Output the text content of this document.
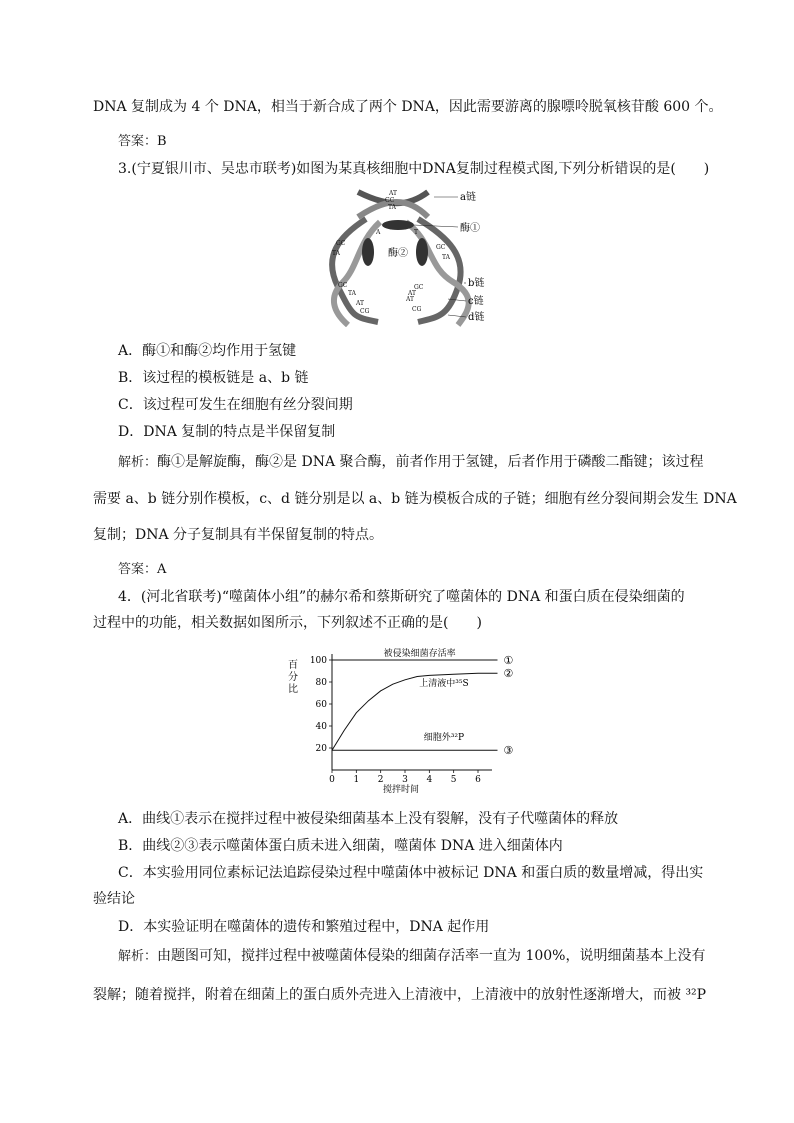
DNA 复制成为 4 个 DNA，相当于新合成了两个 DNA，因此需要游离的腺嘌呤脱氧核苷酸 600 个。
答案：B
3.(宁夏银川市、吴忠市联考)如图为某真核细胞中DNA复制过程模式图,下列分析错误的是(　　)
AT
GC
TA
A	T
GC
TA
GC
TA
GC
TA
AT
CG
GC
AT
AT
CG
酶②
a链
酶①
b链
c链
d链
A．酶①和酶②均作用于氢键
B．该过程的模板链是 a、b 链
C．该过程可发生在细胞有丝分裂间期
D．DNA 复制的特点是半保留复制
解析：酶①是解旋酶，酶②是 DNA 聚合酶，前者作用于氢键，后者作用于磷酸二酯键；该过程
需要 a、b 链分别作模板，c、d 链分别是以 a、b 链为模板合成的子链；细胞有丝分裂间期会发生 DNA
复制；DNA 分子复制具有半保留复制的特点。
答案：A
4．(河北省联考)“噬菌体小组”的赫尔希和蔡斯研究了噬菌体的 DNA 和蛋白质在侵染细菌的
过程中的功能，相关数据如图所示，下列叙述不正确的是(　　)
搅拌时间
百
分
比
0 1 2 3 4 5 6
20
40
60
80
100	①
②
③
被侵染细菌存活率
上清液中³⁵S
细胞外³²P
A．曲线①表示在搅拌过程中被侵染细菌基本上没有裂解，没有子代噬菌体的释放
B．曲线②③表示噬菌体蛋白质未进入细菌，噬菌体 DNA 进入细菌体内
C．本实验用同位素标记法追踪侵染过程中噬菌体中被标记 DNA 和蛋白质的数量增减，得出实
验结论
D．本实验证明在噬菌体的遗传和繁殖过程中，DNA 起作用
解析：由题图可知，搅拌过程中被噬菌体侵染的细菌存活率一直为 100%，说明细菌基本上没有
裂解；随着搅拌，附着在细菌上的蛋白质外壳进入上清液中，上清液中的放射性逐渐增大，而被 ³²P
